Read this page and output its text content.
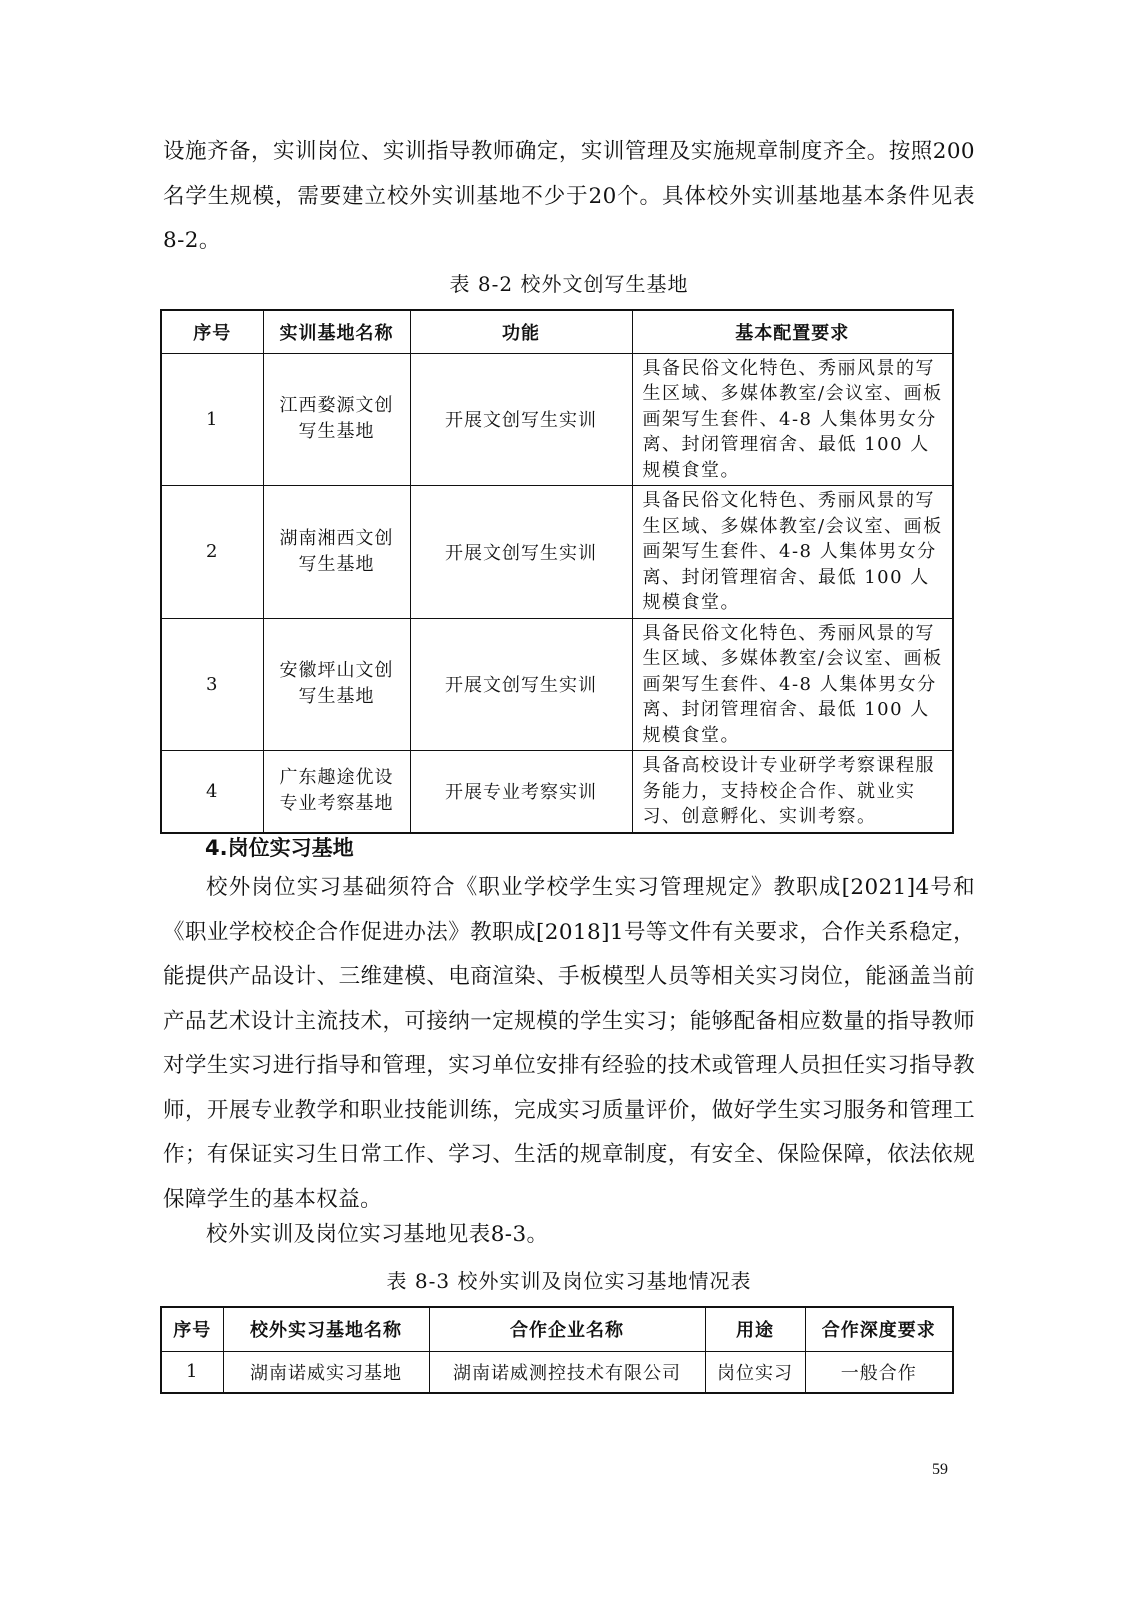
设施齐备，实训岗位、实训指导教师确定，实训管理及实施规章制度齐全。按照200名学生规模，需要建立校外实训基地不少于20个。具体校外实训基地基本条件见表8-2。
表 8-2 校外文创写生基地
序号	实训基地名称	功能	基本配置要求
1	江西婺源文创写生基地	开展文创写生实训	具备民俗文化特色、秀丽风景的写生区域、多媒体教室/会议室、画板画架写生套件、4-8 人集体男女分离、封闭管理宿舍、最低 100 人规模食堂。
2	湖南湘西文创写生基地	开展文创写生实训	具备民俗文化特色、秀丽风景的写生区域、多媒体教室/会议室、画板画架写生套件、4-8 人集体男女分离、封闭管理宿舍、最低 100 人规模食堂。
3	安徽坪山文创写生基地	开展文创写生实训	具备民俗文化特色、秀丽风景的写生区域、多媒体教室/会议室、画板画架写生套件、4-8 人集体男女分离、封闭管理宿舍、最低 100 人规模食堂。
4	广东趣途优设专业考察基地	开展专业考察实训	具备高校设计专业研学考察课程服务能力，支持校企合作、就业实习、创意孵化、实训考察。
4.岗位实习基地
校外岗位实习基础须符合《职业学校学生实习管理规定》教职成[2021]4号和《职业学校校企合作促进办法》教职成[2018]1号等文件有关要求，合作关系稳定，能提供产品设计、三维建模、电商渲染、手板模型人员等相关实习岗位，能涵盖当前产品艺术设计主流技术，可接纳一定规模的学生实习；能够配备相应数量的指导教师对学生实习进行指导和管理，实习单位安排有经验的技术或管理人员担任实习指导教师，开展专业教学和职业技能训练，完成实习质量评价，做好学生实习服务和管理工作；有保证实习生日常工作、学习、生活的规章制度，有安全、保险保障，依法依规保障学生的基本权益。
校外实训及岗位实习基地见表8-3。
表 8-3 校外实训及岗位实习基地情况表
序号	校外实习基地名称	合作企业名称	用途	合作深度要求
1	湖南诺威实习基地	湖南诺威测控技术有限公司	岗位实习	一般合作
59
